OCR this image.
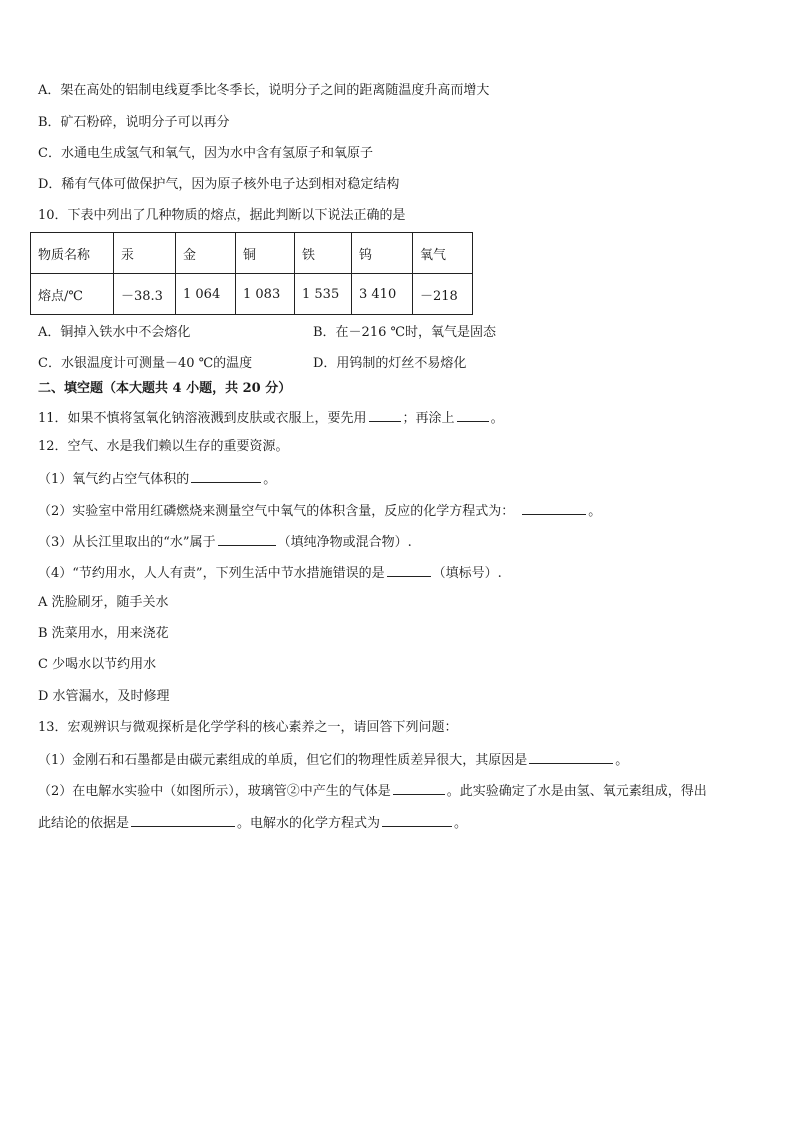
A．架在高处的铝制电线夏季比冬季长，说明分子之间的距离随温度升高而增大
B．矿石粉碎，说明分子可以再分
C．水通电生成氢气和氧气，因为水中含有氢原子和氧原子
D．稀有气体可做保护气，因为原子核外电子达到相对稳定结构
10．下表中列出了几种物质的熔点，据此判断以下说法正确的是
物质名称	汞	金	铜	铁	钨	氧气
熔点/℃	－38.3	1 064	1 083	1 535	3 410	－218
A．铜掉入铁水中不会熔化	B．在－216 ℃时，氧气是固态
C．水银温度计可测量－40 ℃的温度	D．用钨制的灯丝不易熔化
二、填空题（本大题共 4 小题，共 20 分）
11．如果不慎将氢氧化钠溶液溅到皮肤或衣服上，要先用	；再涂上	。
12．空气、水是我们赖以生存的重要资源。
（1）氧气约占空气体积的	。
（2）实验室中常用红磷燃烧来测量空气中氧气的体积含量，反应的化学方程式为：	。
（3）从长江里取出的“水”属于	（填纯净物或混合物）.
（4）“节约用水，人人有责”，下列生活中节水措施错误的是	（填标号）.
A 洗脸刷牙，随手关水
B 洗菜用水，用来浇花
C 少喝水以节约用水
D 水管漏水，及时修理
13．宏观辨识与微观探析是化学学科的核心素养之一，请回答下列问题：
（1）金刚石和石墨都是由碳元素组成的单质，但它们的物理性质差异很大，其原因是	。
（2）在电解水实验中（如图所示），玻璃管②中产生的气体是	。此实验确定了水是由氢、氧元素组成，得出
此结论的依据是	。电解水的化学方程式为	。
